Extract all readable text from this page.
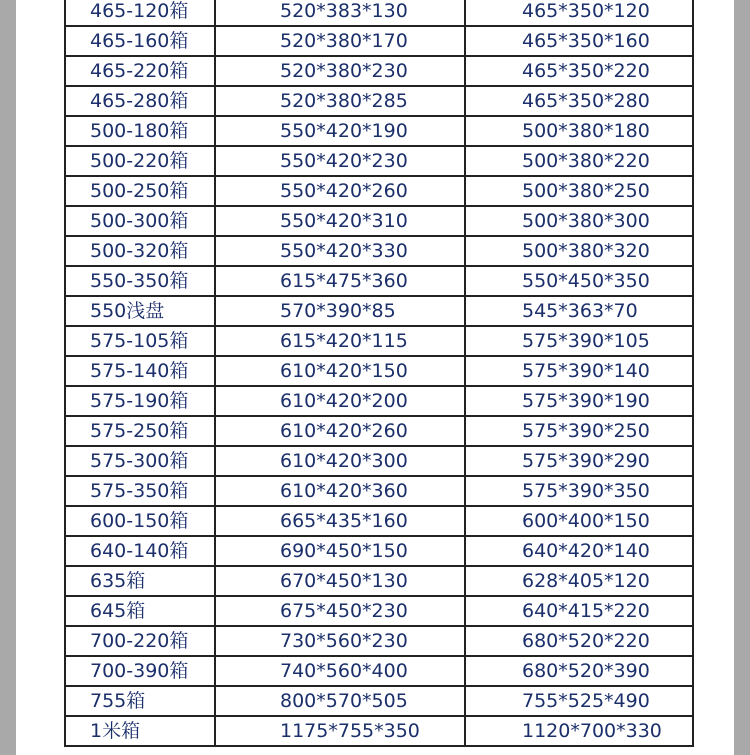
465-120箱	520*383*130	465*350*120
465-160箱	520*380*170	465*350*160
465-220箱	520*380*230	465*350*220
465-280箱	520*380*285	465*350*280
500-180箱	550*420*190	500*380*180
500-220箱	550*420*230	500*380*220
500-250箱	550*420*260	500*380*250
500-300箱	550*420*310	500*380*300
500-320箱	550*420*330	500*380*320
550-350箱	615*475*360	550*450*350
550浅盘	570*390*85	545*363*70
575-105箱	615*420*115	575*390*105
575-140箱	610*420*150	575*390*140
575-190箱	610*420*200	575*390*190
575-250箱	610*420*260	575*390*250
575-300箱	610*420*300	575*390*290
575-350箱	610*420*360	575*390*350
600-150箱	665*435*160	600*400*150
640-140箱	690*450*150	640*420*140
635箱	670*450*130	628*405*120
645箱	675*450*230	640*415*220
700-220箱	730*560*230	680*520*220
700-390箱	740*560*400	680*520*390
755箱	800*570*505	755*525*490
1米箱	1175*755*350	1120*700*330
